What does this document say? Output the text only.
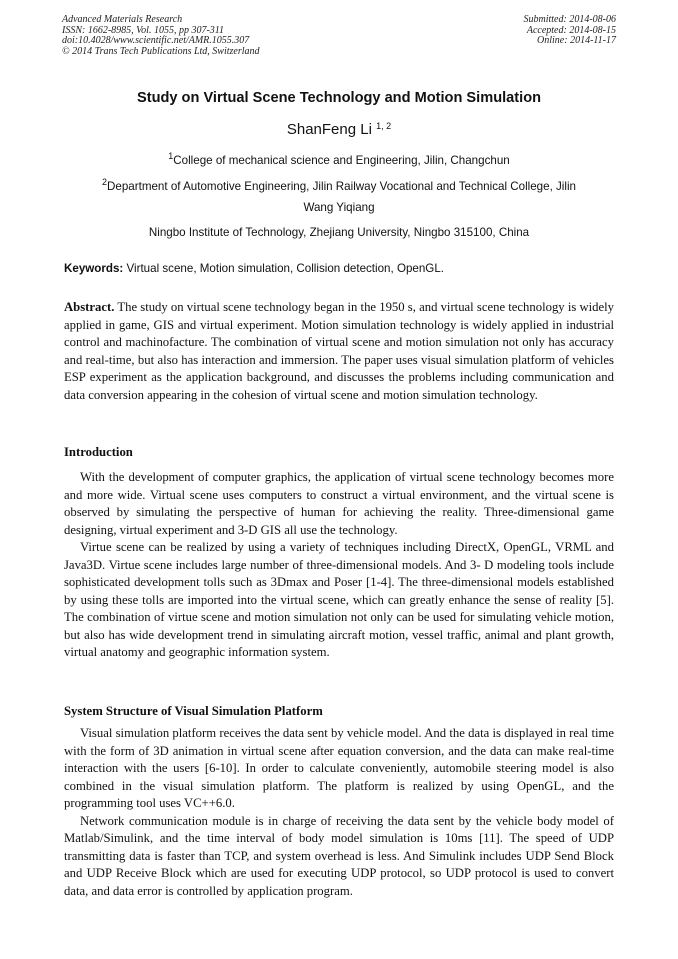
Advanced Materials Research
ISSN: 1662-8985, Vol. 1055, pp 307-311
doi:10.4028/www.scientific.net/AMR.1055.307
© 2014 Trans Tech Publications Ltd, Switzerland
Submitted: 2014-08-06
Accepted: 2014-08-15
Online: 2014-11-17
Study on Virtual Scene Technology and Motion Simulation
ShanFeng Li $^{1, 2}$
$^1$College of mechanical science and Engineering, Jilin, Changchun
$^2$Department of Automotive Engineering, Jilin Railway Vocational and Technical College, Jilin
Wang Yiqiang
Ningbo Institute of Technology, Zhejiang University, Ningbo 315100, China
Keywords: Virtual scene, Motion simulation, Collision detection, OpenGL.

Abstract. The study on virtual scene technology began in the 1950 s, and virtual scene technology is widely applied in game, GIS and virtual experiment. Motion simulation technology is widely applied in industrial control and machinofacture. The combination of virtual scene and motion simulation not only has accuracy and real-time, but also has interaction and immersion. The paper uses visual simulation platform of vehicles ESP experiment as the application background, and discusses the problems including communication and data conversion appearing in the cohesion of virtual scene and motion simulation technology.

Introduction

With the development of computer graphics, the application of virtual scene technology becomes more and more wide. Virtual scene uses computers to construct a virtual environment, and the virtual scene is observed by simulating the perspective of human for achieving the reality. Three-dimensional game designing, virtual experiment and 3-D GIS all use the technology.

Virtue scene can be realized by using a variety of techniques including DirectX, OpenGL, VRML and Java3D. Virtue scene includes large number of three-dimensional models. And 3- D modeling tools include sophisticated development tolls such as 3Dmax and Poser [1-4]. The three-dimensional models established by using these tolls are imported into the virtual scene, which can greatly enhance the sense of reality [5]. The combination of virtue scene and motion simulation not only can be used for simulating vehicle motion, but also has wide development trend in simulating aircraft motion, vessel traffic, animal and plant growth, virtual anatomy and geographic information system.

System Structure of Visual Simulation Platform

Visual simulation platform receives the data sent by vehicle model. And the data is displayed in real time with the form of 3D animation in virtual scene after equation conversion, and the data can make real-time interaction with the users [6-10]. In order to calculate conveniently, automobile steering model is also combined in the visual simulation platform. The platform is realized by using OpenGL, and the programming tool uses VC++6.0.

Network communication module is in charge of receiving the data sent by the vehicle body model of Matlab/Simulink, and the time interval of body model simulation is 10ms [11]. The speed of UDP transmitting data is faster than TCP, and system overhead is less. And Simulink includes UDP Send Block and UDP Receive Block which are used for executing UDP protocol, so UDP protocol is used to convert data, and data error is controlled by application program.
